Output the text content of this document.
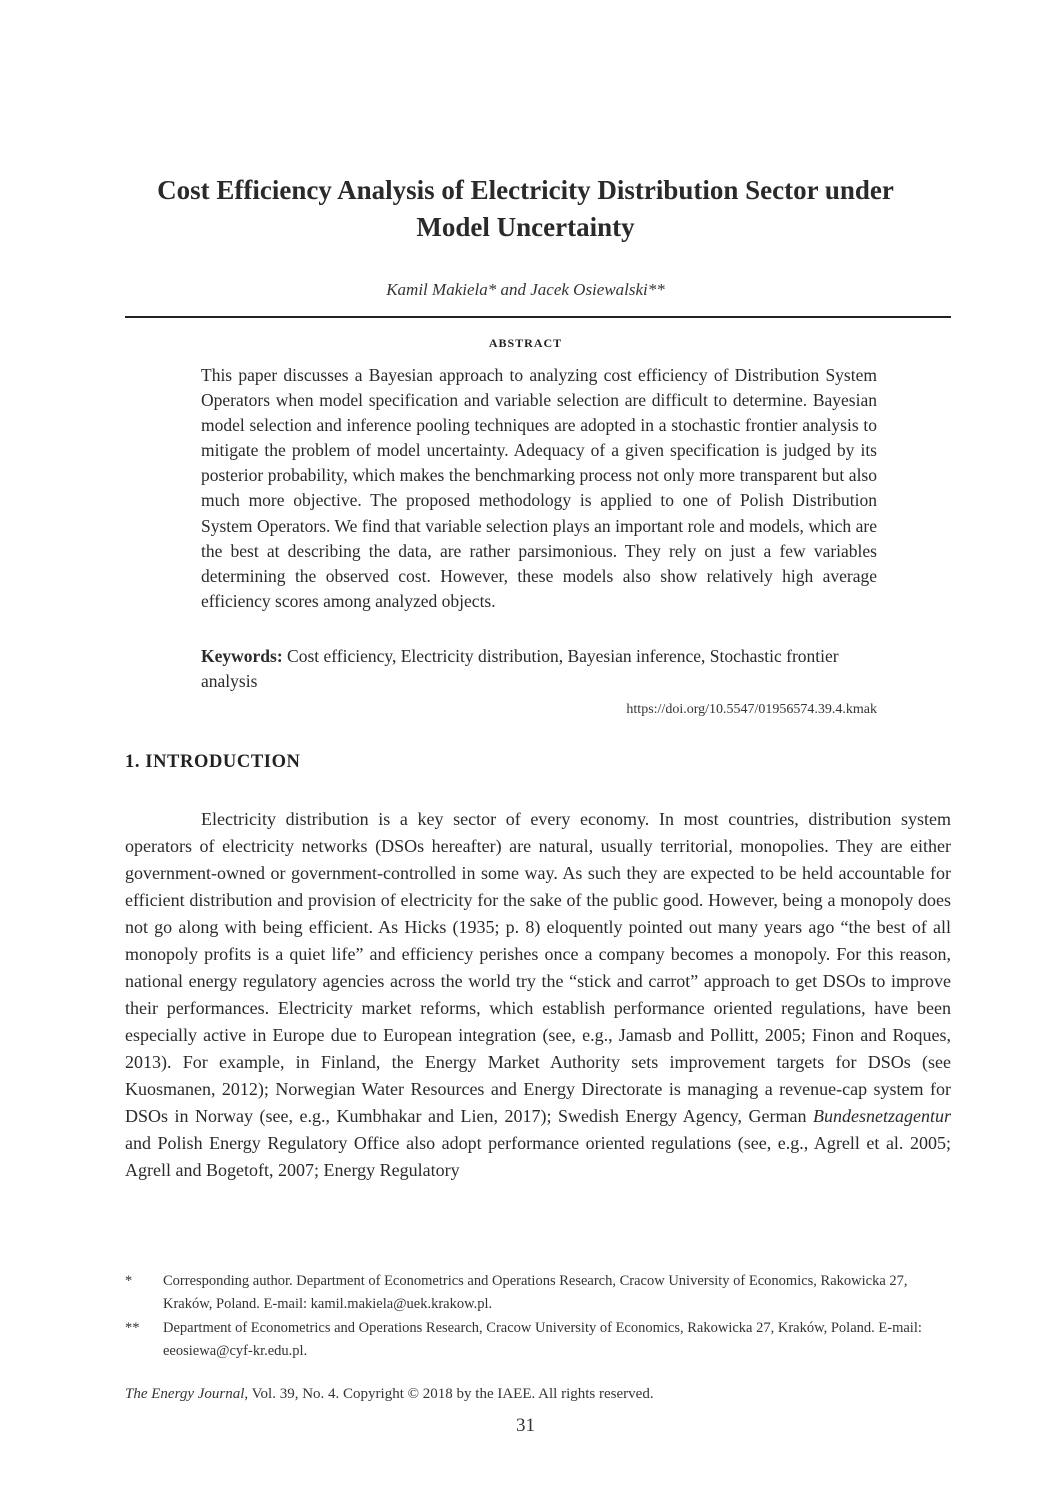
Cost Efficiency Analysis of Electricity Distribution Sector under
Model Uncertainty
Kamil Makiela* and Jacek Osiewalski**
ABSTRACT

This paper discusses a Bayesian approach to analyzing cost efficiency of Distribution System Operators when model specification and variable selection are difficult to determine. Bayesian model selection and inference pooling techniques are adopted in a stochastic frontier analysis to mitigate the problem of model uncertainty. Adequacy of a given specification is judged by its posterior probability, which makes the benchmarking process not only more transparent but also much more objective. The proposed methodology is applied to one of Polish Distribution System Operators. We find that variable selection plays an important role and models, which are the best at describing the data, are rather parsimonious. They rely on just a few variables determining the observed cost. However, these models also show relatively high average efficiency scores among analyzed objects.

Keywords: Cost efficiency, Electricity distribution, Bayesian inference, Stochastic frontier analysis
https://doi.org/10.5547/01956574.39.4.kmak
1. INTRODUCTION

Electricity distribution is a key sector of every economy. In most countries, distribution system operators of electricity networks (DSOs hereafter) are natural, usually territorial, monopolies. They are either government-owned or government-controlled in some way. As such they are expected to be held accountable for efficient distribution and provision of electricity for the sake of the public good. However, being a monopoly does not go along with being efficient. As Hicks (1935; p. 8) eloquently pointed out many years ago “the best of all monopoly profits is a quiet life” and efficiency perishes once a company becomes a monopoly. For this reason, national energy regulatory agencies across the world try the “stick and carrot” approach to get DSOs to improve their performances. Electricity market reforms, which establish performance oriented regulations, have been especially active in Europe due to European integration (see, e.g., Jamasb and Pollitt, 2005; Finon and Roques, 2013). For example, in Finland, the Energy Market Authority sets improvement targets for DSOs (see Kuosmanen, 2012); Norwegian Water Resources and Energy Directorate is managing a revenue-cap system for DSOs in Norway (see, e.g., Kumbhakar and Lien, 2017); Swedish Energy Agency, German Bundesnetzagentur and Polish Energy Regulatory Office also adopt performance oriented regulations (see, e.g., Agrell et al. 2005; Agrell and Bogetoft, 2007; Energy Regulatory

* Corresponding author. Department of Econometrics and Operations Research, Cracow University of Economics, Rakowicka 27, Kraków, Poland. E-mail: kamil.makiela@uek.krakow.pl.
** Department of Econometrics and Operations Research, Cracow University of Economics, Rakowicka 27, Kraków, Poland. E-mail: eeosiewa@cyf-kr.edu.pl.
The Energy Journal, Vol. 39, No. 4. Copyright © 2018 by the IAEE. All rights reserved.
31
